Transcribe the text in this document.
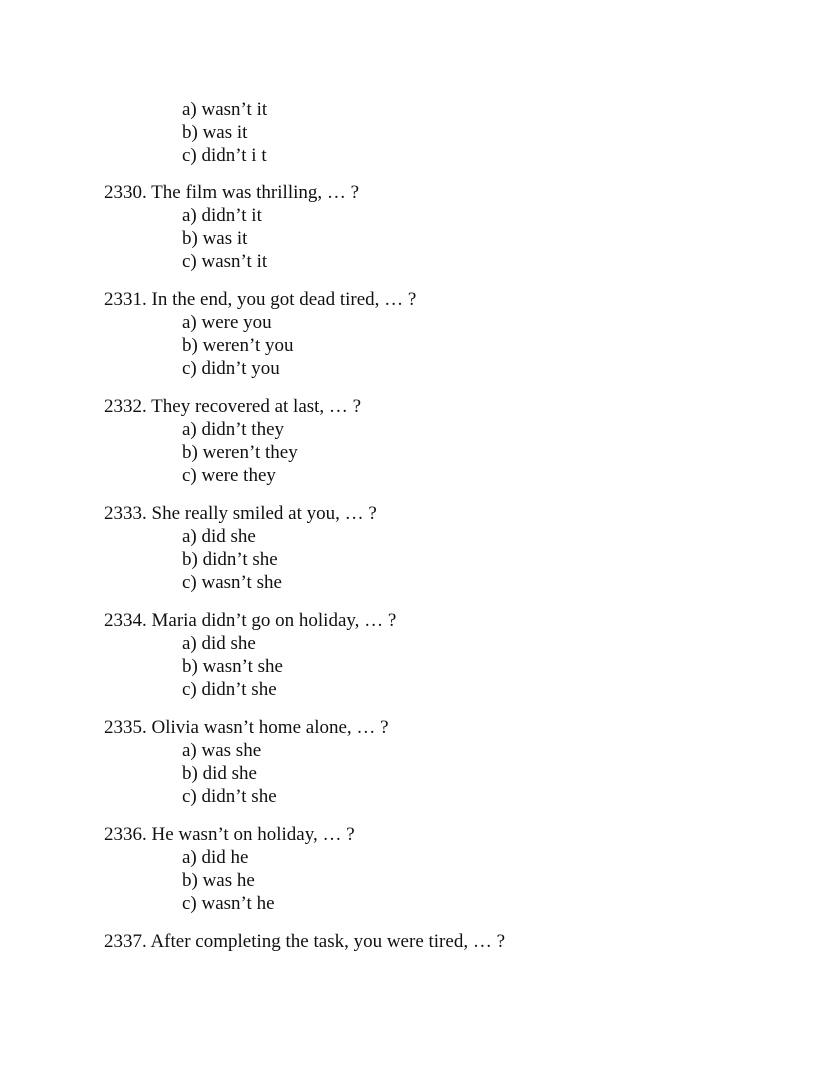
a) wasn’t it
b) was it
c) didn’t i t
2330. The film was thrilling, … ?
a) didn’t it
b) was it
c) wasn’t it
2331. In the end, you got dead tired, … ?
a) were you
b) weren’t you
c) didn’t you
2332. They recovered at last, … ?
a) didn’t they
b) weren’t they
c) were they
2333. She really smiled at you, … ?
a) did she
b) didn’t she
c) wasn’t she
2334. Maria didn’t go on holiday, … ?
a) did she
b) wasn’t she
c) didn’t she
2335. Olivia wasn’t home alone, … ?
a) was she
b) did she
c) didn’t she
2336. He wasn’t on holiday, … ?
a) did he
b) was he
c) wasn’t he
2337. After completing the task, you were tired, … ?
